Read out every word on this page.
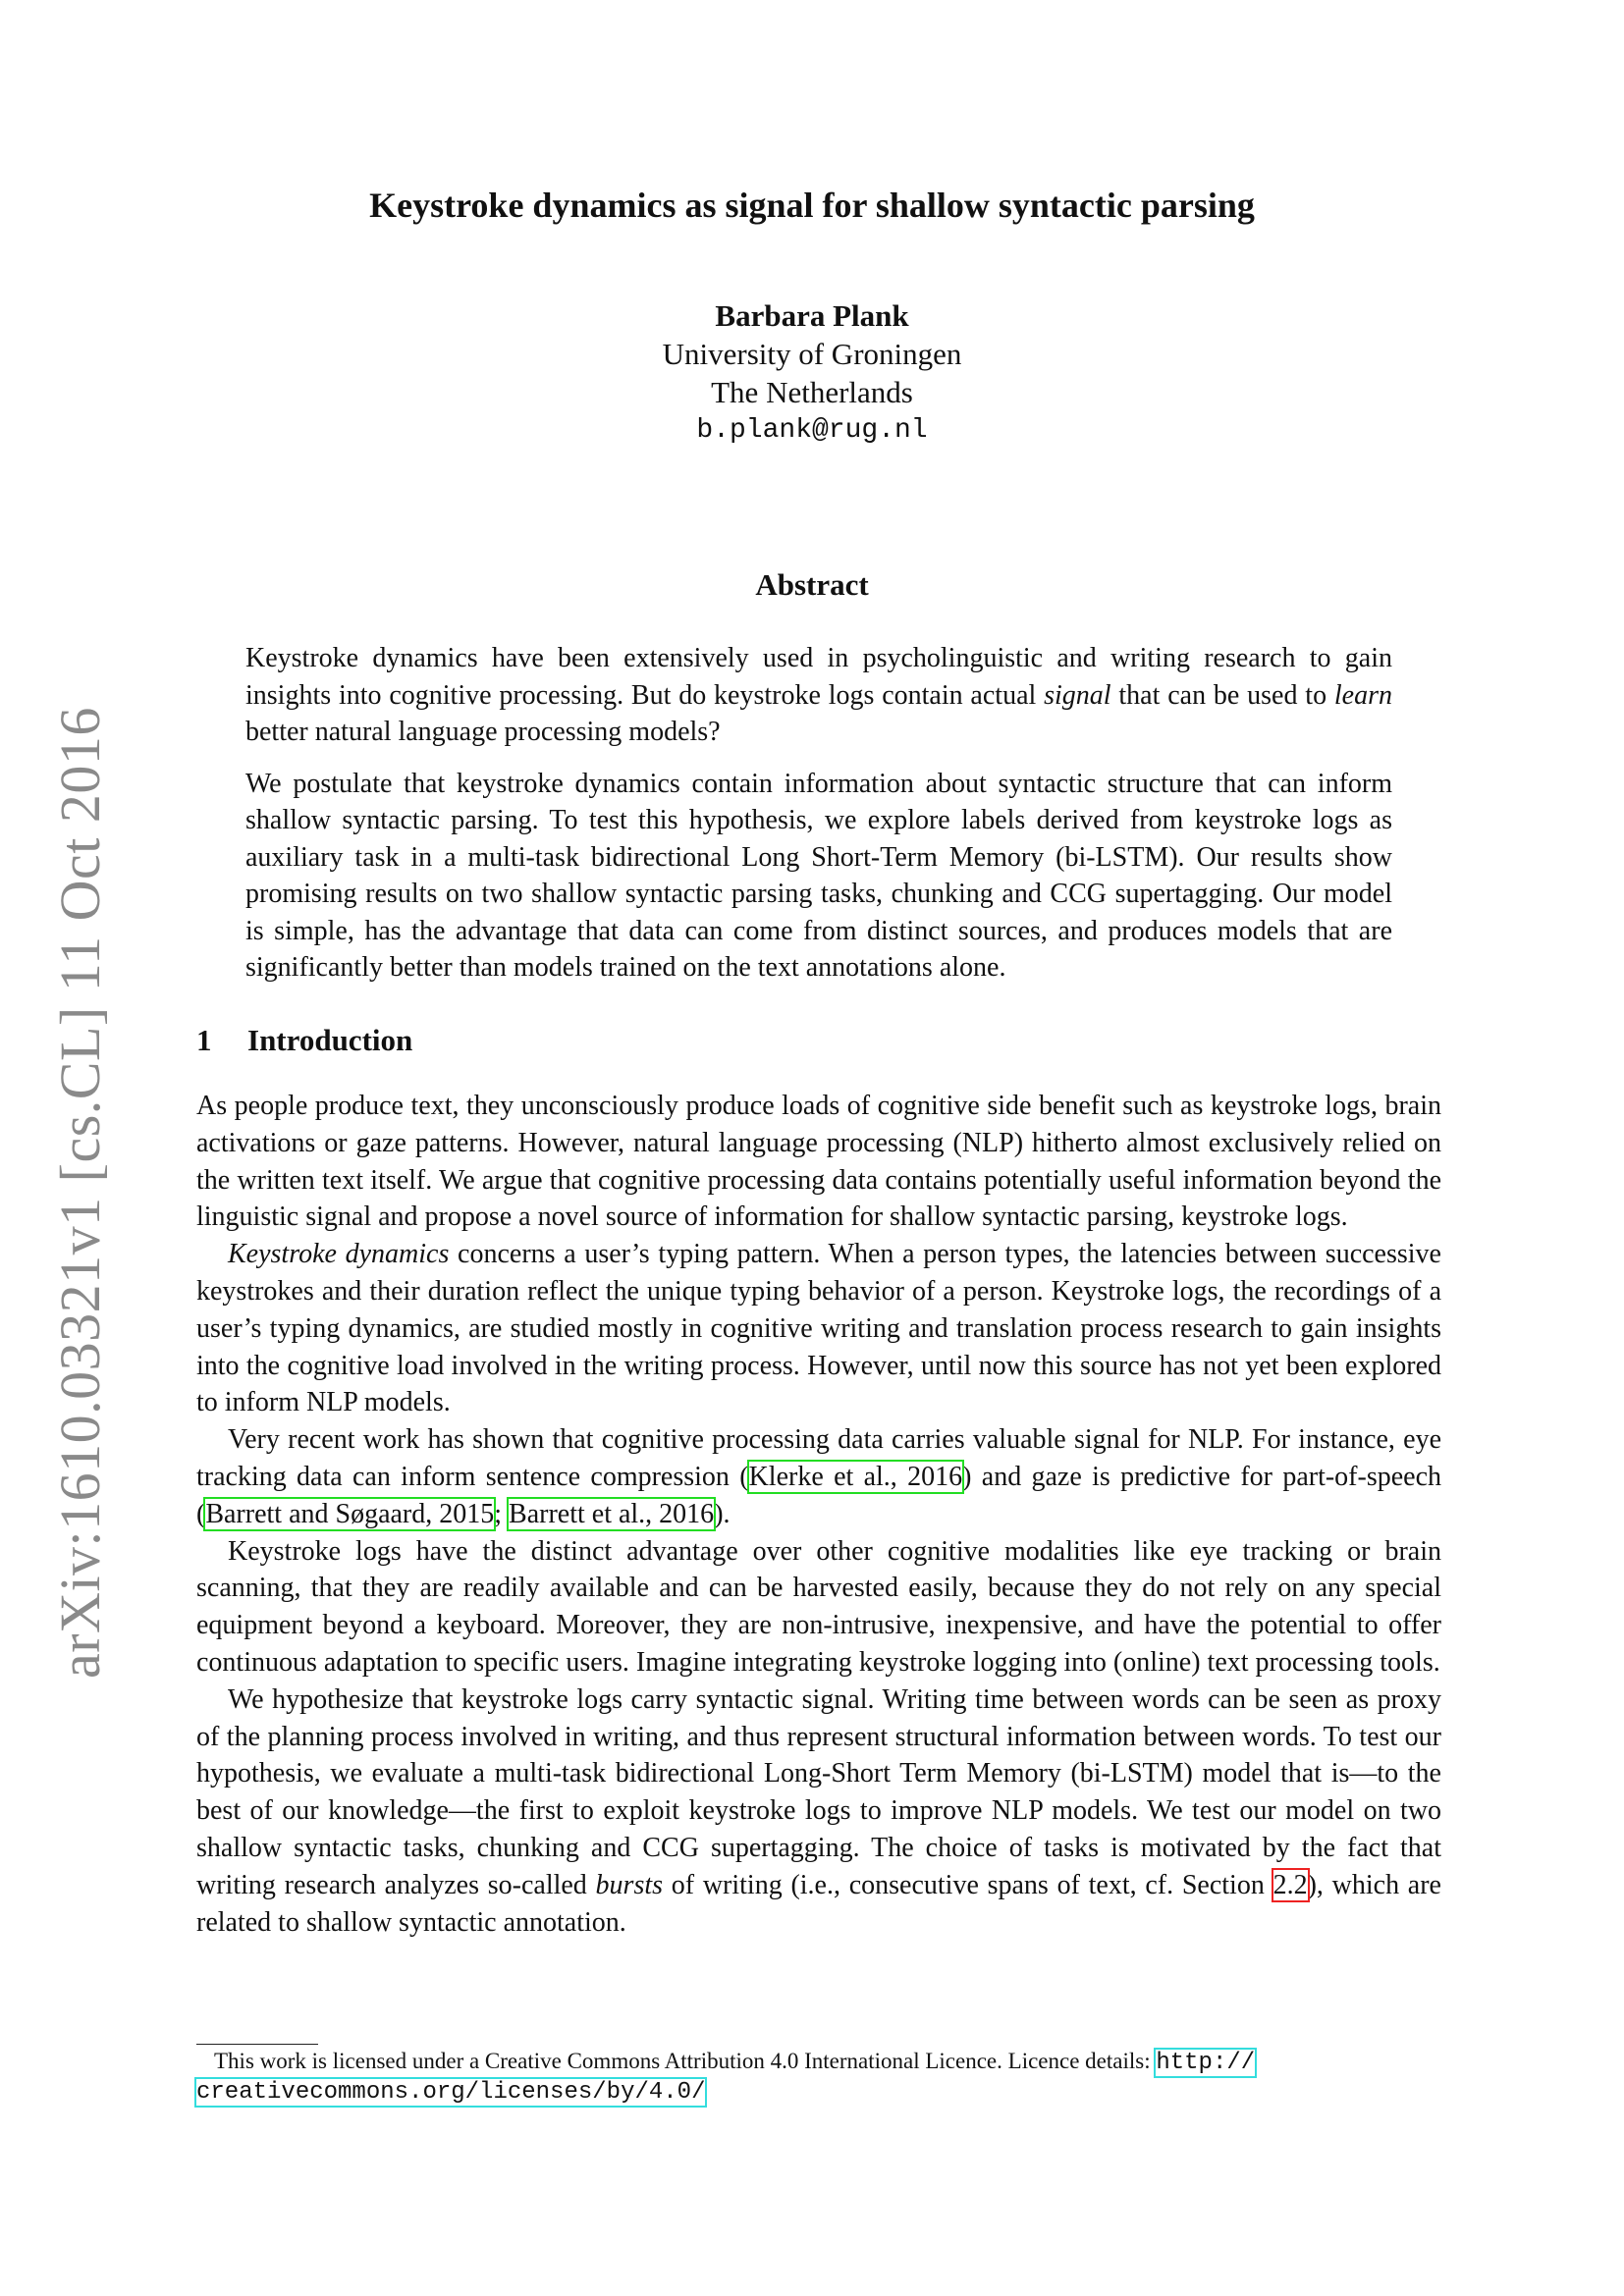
arXiv:1610.03321v1 [cs.CL] 11 Oct 2016
Keystroke dynamics as signal for shallow syntactic parsing
Barbara Plank
University of Groningen
The Netherlands
b.plank@rug.nl
Abstract

Keystroke dynamics have been extensively used in psycholinguistic and writing research to gain insights into cognitive processing. But do keystroke logs contain actual signal that can be used to learn better natural language processing models?

We postulate that keystroke dynamics contain information about syntactic structure that can inform shallow syntactic parsing. To test this hypothesis, we explore labels derived from keystroke logs as auxiliary task in a multi-task bidirectional Long Short-Term Memory (bi-LSTM). Our results show promising results on two shallow syntactic parsing tasks, chunking and CCG supertagging. Our model is simple, has the advantage that data can come from distinct sources, and produces models that are significantly better than models trained on the text annotations alone.

1 Introduction

As people produce text, they unconsciously produce loads of cognitive side benefit such as keystroke logs, brain activations or gaze patterns. However, natural language processing (NLP) hitherto almost exclusively relied on the written text itself. We argue that cognitive processing data contains potentially useful information beyond the linguistic signal and propose a novel source of information for shallow syntactic parsing, keystroke logs.

Keystroke dynamics concerns a user’s typing pattern. When a person types, the latencies between successive keystrokes and their duration reflect the unique typing behavior of a person. Keystroke logs, the recordings of a user’s typing dynamics, are studied mostly in cognitive writing and translation process research to gain insights into the cognitive load involved in the writing process. However, until now this source has not yet been explored to inform NLP models.

Very recent work has shown that cognitive processing data carries valuable signal for NLP. For instance, eye tracking data can inform sentence compression (Klerke et al., 2016) and gaze is predictive for part-of-speech (Barrett and Søgaard, 2015; Barrett et al., 2016).

Keystroke logs have the distinct advantage over other cognitive modalities like eye tracking or brain scanning, that they are readily available and can be harvested easily, because they do not rely on any special equipment beyond a keyboard. Moreover, they are non-intrusive, inexpensive, and have the potential to offer continuous adaptation to specific users. Imagine integrating keystroke logging into (online) text processing tools.

We hypothesize that keystroke logs carry syntactic signal. Writing time between words can be seen as proxy of the planning process involved in writing, and thus represent structural information between words. To test our hypothesis, we evaluate a multi-task bidirectional Long-Short Term Memory (bi-LSTM) model that is—to the best of our knowledge—the first to exploit keystroke logs to improve NLP models. We test our model on two shallow syntactic tasks, chunking and CCG supertagging. The choice of tasks is motivated by the fact that writing research analyzes so-called bursts of writing (i.e., consecutive spans of text, cf. Section 2.2), which are related to shallow syntactic annotation.

This work is licensed under a Creative Commons Attribution 4.0 International Licence. Licence details: http://
creativecommons.org/licenses/by/4.0/
